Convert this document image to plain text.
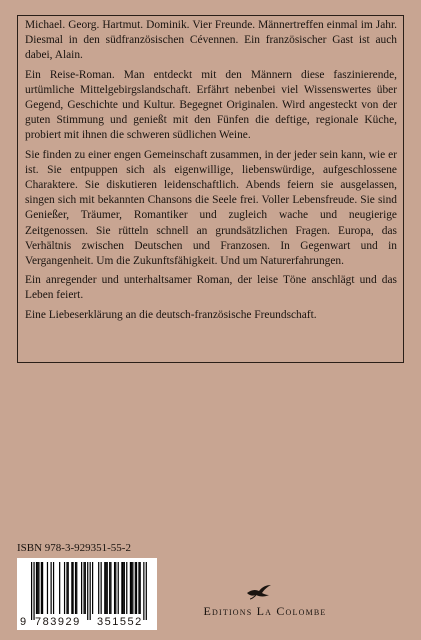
Michael. Georg. Hartmut. Dominik. Vier Freunde. Männertreffen einmal im Jahr. Diesmal in den südfranzösischen Cévennen. Ein französischer Gast ist auch dabei, Alain.

Ein Reise-Roman. Man entdeckt mit den Männern diese faszinierende, urtümliche Mittelgebirgslandschaft. Erfährt nebenbei viel Wissenswertes über Gegend, Geschichte und Kultur. Begegnet Originalen. Wird angesteckt von der guten Stimmung und genießt mit den Fünfen die deftige, regionale Küche, probiert mit ihnen die schweren südlichen Weine.

Sie finden zu einer engen Gemeinschaft zusammen, in der jeder sein kann, wie er ist. Sie entpuppen sich als eigenwillige, liebenswürdige, aufgeschlossene Charaktere. Sie diskutieren leidenschaftlich. Abends feiern sie ausgelassen, singen sich mit bekannten Chansons die Seele frei. Voller Lebensfreude. Sie sind Genießer, Träumer, Romantiker und zugleich wache und neugierige Zeitgenossen. Sie rütteln schnell an grundsätzlichen Fragen. Europa, das Verhältnis zwischen Deutschen und Franzosen. In Gegenwart und in Vergangenheit. Um die Zukunftsfähigkeit. Und um Naturerfahrungen.

Ein anregender und unterhaltsamer Roman, der leise Töne anschlägt und das Leben feiert.

Eine Liebeserklärung an die deutsch-französische Freundschaft.

ISBN 978-3-929351-55-2
9 783929 351552
Editions La Colombe
